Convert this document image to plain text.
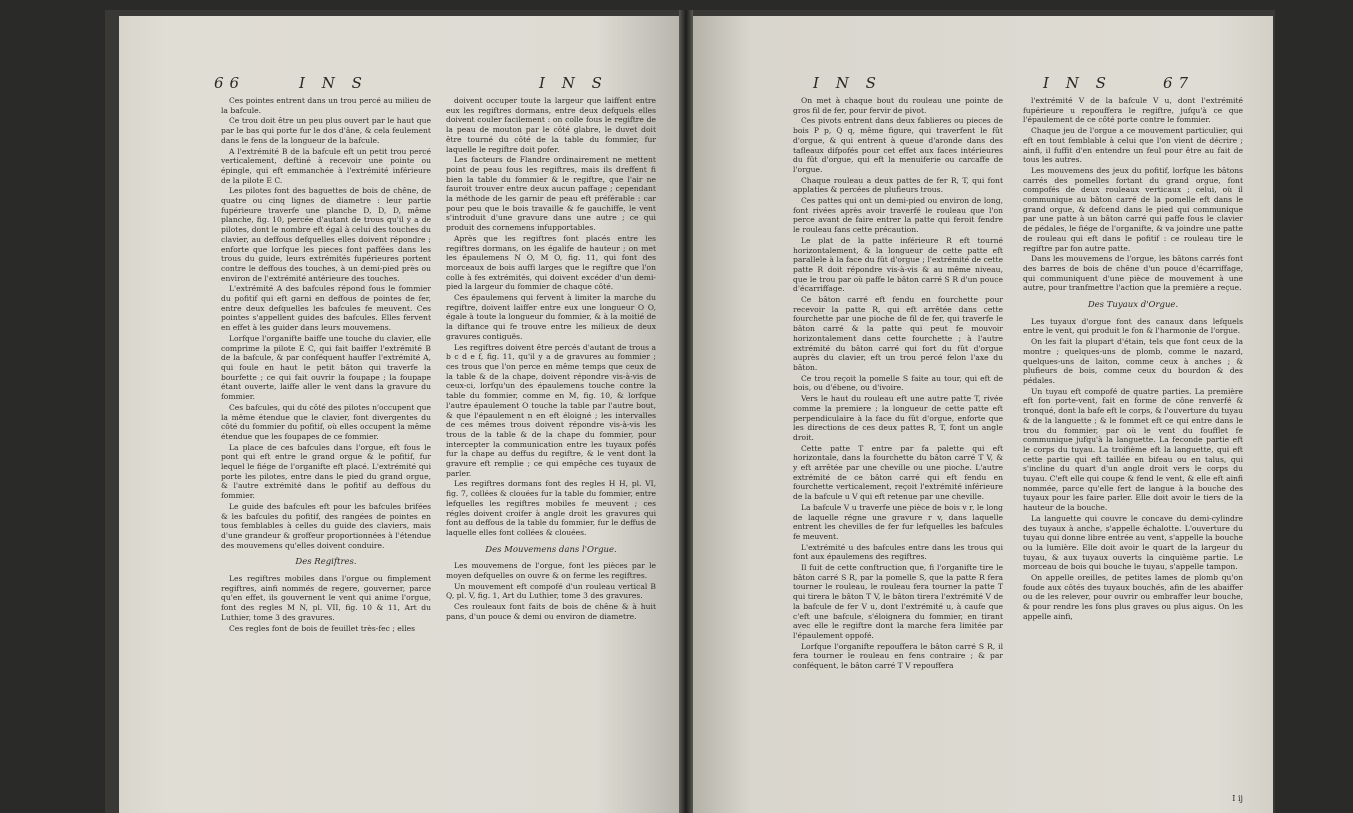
66	I N S	I N S

Ces pointes entrent dans un trou percé au milieu de la bafcule.

Ce trou doit être un peu plus ouvert par le haut que par le bas qui porte fur le dos d'âne, & cela feulement dans le fens de la longueur de la bafcule.

A l'extrémité B de la bafcule eft un petit trou percé verticalement, deftiné à recevoir une pointe ou épingle, qui eft emmanchée à l'extrémité inférieure de la pilote E C.

Les pilotes font des baguettes de bois de chêne, de quatre ou cinq lignes de diametre : leur partie fupérieure traverfe une planche D, D, D, même planche, fig. 10, percée d'autant de trous qu'il y a de pilotes, dont le nombre eft égal à celui des touches du clavier, au deffous defquelles elles doivent répondre ; enforte que lorfque les pieces font paffées dans les trous du guide, leurs extrémités fupérieures portent contre le deffous des touches, à un demi-pied près ou environ de l'extrémité antérieure des touches.

L'extrémité A des bafcules répond fous le fommier du pofitif qui eft garni en deffous de pointes de fer, entre deux defquelles les bafcules fe meuvent. Ces pointes s'appellent guides des bafcules. Elles fervent en effet à les guider dans leurs mouvemens.

Lorfque l'organifte baiffe une touche du clavier, elle comprime la pilote E C, qui fait baiffer l'extrémité B de la bafcule, & par conféquent hauffer l'extrémité A, qui foule en haut le petit bâton qui traverfe la bourfette ; ce qui fait ouvrir la foupape ; la foupape étant ouverte, laiffe aller le vent dans la gravure du fommier.

Ces bafcules, qui du côté des pilotes n'occupent que la même étendue que le clavier, font divergentes du côté du fommier du pofitif, où elles occupent la même étendue que les foupapes de ce fommier.

La place de ces bafcules dans l'orgue, eft fous le pont qui eft entre le grand orgue & le pofitif, fur lequel le fiége de l'organifte eft placé. L'extrémité qui porte les pilotes, entre dans le pied du grand orgue, & l'autre extrémité dans le pofitif au deffous du fommier.

Le guide des bafcules eft pour les bafcules brifées & les bafcules du pofitif, des rangées de pointes en tous femblables à celles du guide des claviers, mais d'une grandeur & groffeur proportionnées à l'étendue des mouvemens qu'elles doivent conduire.

Des Regiftres.

Les regiftres mobiles dans l'orgue ou fimplement regiftres, ainfi nommés de regere, gouverner, parce qu'en effet, ils gouvernent le vent qui anime l'orgue, font des regles M N, pl. VII, fig. 10 & 11, Art du Luthier, tome 3 des gravures.

Ces regles font de bois de feuillet très-fec ; elles

doivent occuper toute la largeur que laiffent entre eux les regiftres dormans, entre deux defquels elles doivent couler facilement : on colle fous le regiftre de la peau de mouton par le côté glabre, le duvet doit être tourné du côté de la table du fommier, fur laquelle le regiftre doit pofer.

Les facteurs de Flandre ordinairement ne mettent point de peau fous les regiftres, mais ils dreffent fi bien la table du fommier & le regiftre, que l'air ne fauroit trouver entre deux aucun paffage ; cependant la méthode de les garnir de peau eft préférable : car pour peu que le bois travaille & fe gauchiffe, le vent s'introduit d'une gravure dans une autre ; ce qui produit des cornemens infupportables.

Après que les regiftres font placés entre les regiftres dormans, on les égalife de hauteur ; on met les épaulemens N O, M O, fig. 11, qui font des morceaux de bois auffi larges que le regiftre que l'on colle à fes extrémités, qui doivent excéder d'un demi-pied la largeur du fommier de chaque côté.

Ces épaulemens qui fervent à limiter la marche du regiftre, doivent laiffer entre eux une longueur O O, égale à toute la longueur du fommier, & à la moitié de la diftance qui fe trouve entre les milieux de deux gravures contiguës.

Les regiftres doivent être percés d'autant de trous a b c d e f, fig. 11, qu'il y a de gravures au fommier ; ces trous que l'on perce en même temps que ceux de la table & de la chape, doivent répondre vis-à-vis de ceux-ci, lorfqu'un des épaulemens touche contre la table du fommier, comme en M, fig. 10, & lorfque l'autre épaulement O touche la table par l'autre bout, & que l'épaulement n en eft éloigné ; les intervalles de ces mêmes trous doivent répondre vis-à-vis les trous de la table & de la chape du fommier, pour intercepter la communication entre les tuyaux pofés fur la chape au deffus du regiftre, & le vent dont la gravure eft remplie ; ce qui empêche ces tuyaux de parler.

Les regiftres dormans font des regles H H, pl. VI, fig. 7, collées & clouées fur la table du fommier, entre lefquelles les regiftres mobiles fe meuvent ; ces régles doivent croifer à angle droit les gravures qui font au deffous de la table du fommier, fur le deffus de laquelle elles font collées & clouées.

Des Mouvemens dans l'Orgue.

Les mouvemens de l'orgue, font les pièces par le moyen defquelles on ouvre & on ferme les regiftres.

Un mouvement eft compofé d'un rouleau vertical B Q, pl. V, fig. 1, Art du Luthier, tome 3 des gravures.

Ces rouleaux font faits de bois de chêne & à huit pans, d'un pouce & demi ou environ de diametre.

I N S	I N S	67

On met à chaque bout du rouleau une pointe de gros fil de fer, pour fervir de pivot.

Ces pivots entrent dans deux fablieres ou pieces de bois P p, Q q, même figure, qui traverfent le fût d'orgue, & qui entrent à queue d'aronde dans des tafleaux difpofés pour cet effet aux faces intérieures du fût d'orgue, qui eft la menuiferie ou carcaffe de l'orgue.

Chaque rouleau a deux pattes de fer R, T, qui font applaties & percées de plufieurs trous.

Ces pattes qui ont un demi-pied ou environ de long, font rivées après avoir traverfé le rouleau que l'on perce avant de faire entrer la patte qui feroit fendre le rouleau fans cette précaution.

Le plat de la patte inférieure R eft tourné horizontalement, & la longueur de cette patte eft parallele à la face du fût d'orgue ; l'extrémité de cette patte R doit répondre vis-à-vis & au même niveau, que le trou par où paffe le bâton carré S R d'un pouce d'écarriffage.

Ce bâton carré eft fendu en fourchette pour recevoir la patte R, qui eft arrêtée dans cette fourchette par une pioche de fil de fer, qui traverfe le bâton carré & la patte qui peut fe mouvoir horizontalement dans cette fourchette ; à l'autre extrémité du bâton carré qui fort du fût d'orgue auprès du clavier, eft un trou percé felon l'axe du bâton.

Ce trou reçoit la pomelle S faite au tour, qui eft de bois, ou d'ébene, ou d'ivoire.

Vers le haut du rouleau eft une autre patte T, rivée comme la premiere ; la longueur de cette patte eft perpendiculaire à la face du fût d'orgue, enforte que les directions de ces deux pattes R, T, font un angle droit.

Cette patte T entre par fa palette qui eft horizontale, dans la fourchette du bâton carré T V, & y eft arrêtée par une cheville ou une pioche. L'autre extrémité de ce bâton carré qui eft fendu en fourchette verticalement, reçoit l'extrémité inférieure de la bafcule u V qui eft retenue par une cheville.

La bafcule V u traverfe une pièce de bois v r, le long de laquelle régne une gravure r v, dans laquelle entrent les chevilles de fer fur lefquelles les bafcules fe meuvent.

L'extrémité u des bafcules entre dans les trous qui font aux épaulemens des regiftres.

Il fuit de cette conftruction que, fi l'organifte tire le bâton carré S R, par la pomelle S, que la patte R fera tourner le rouleau, le rouleau fera tourner la patte T qui tirera le bâton T V, le bâton tirera l'extrémité V de la bafcule de fer V u, dont l'extrémité u, à caufe que c'eft une bafcule, s'éloignera du fommier, en tirant avec elle le regiftre dont la marche fera limitée par l'épaulement oppofé.

Lorfque l'organifte repouffera le bâton carré S R, il fera tourner le rouleau en fens contraire ; & par conféquent, le bâton carré T V repouffera

l'extrémité V de la bafcule V u, dont l'extrémité fupérieure u repouffera le regiftre, jufqu'à ce que l'épaulement de ce côté porte contre le fommier.

Chaque jeu de l'orgue a ce mouvement particulier, qui eft en tout femblable à celui que l'on vient de décrire ; ainfi, il fuffit d'en entendre un feul pour être au fait de tous les autres.

Les mouvemens des jeux du pofitif, lorfque les bâtons carrés des pomelles fortant du grand orgue, font compofés de deux rouleaux verticaux ; celui, où il communique au bâton carré de la pomelle eft dans le grand orgue, & defcend dans le pied qui communique par une patte à un bâton carré qui paffe fous le clavier de pédales, le fiége de l'organifte, & va joindre une patte de rouleau qui eft dans le pofitif : ce rouleau tire le regiftre par fon autre patte.

Dans les mouvemens de l'orgue, les bâtons carrés font des barres de bois de chêne d'un pouce d'écarriffage, qui communiquent d'une pièce de mouvement à une autre, pour tranfmettre l'action que la première a reçue.

Des Tuyaux d'Orgue.

Les tuyaux d'orgue font des canaux dans lefquels entre le vent, qui produit le fon & l'harmonie de l'orgue.

On les fait la plupart d'étain, tels que font ceux de la montre ; quelques-uns de plomb, comme le nazard, quelques-uns de laiton, comme ceux à anches ; & plufieurs de bois, comme ceux du bourdon & des pédales.

Un tuyau eft compofé de quatre parties. La première eft fon porte-vent, fait en forme de cône renverfé & tronqué, dont la bafe eft le corps, & l'ouverture du tuyau & de la languette ; & le fommet eft ce qui entre dans le trou du fommier, par où le vent du foufflet fe communique jufqu'à la languette. La feconde partie eft le corps du tuyau. La troifième eft la languette, qui eft cette partie qui eft taillée en bifeau ou en talus, qui s'incline du quart d'un angle droit vers le corps du tuyau. C'eft elle qui coupe & fend le vent, & elle eft ainfi nommée, parce qu'elle fert de langue à la bouche des tuyaux pour les faire parler. Elle doit avoir le tiers de la hauteur de la bouche.

La languette qui couvre le concave du demi-cylindre des tuyaux à anche, s'appelle échalotte. L'ouverture du tuyau qui donne libre entrée au vent, s'appelle la bouche ou la lumière. Elle doit avoir le quart de la largeur du tuyau, & aux tuyaux ouverts la cinquième partie. Le morceau de bois qui bouche le tuyau, s'appelle tampon.

On appelle oreilles, de petites lames de plomb qu'on foude aux côtés des tuyaux bouchés, afin de les abaiffer ou de les relever, pour ouvrir ou embraffer leur bouche, & pour rendre les fons plus graves ou plus aigus. On les appelle ainfi,

I ij
